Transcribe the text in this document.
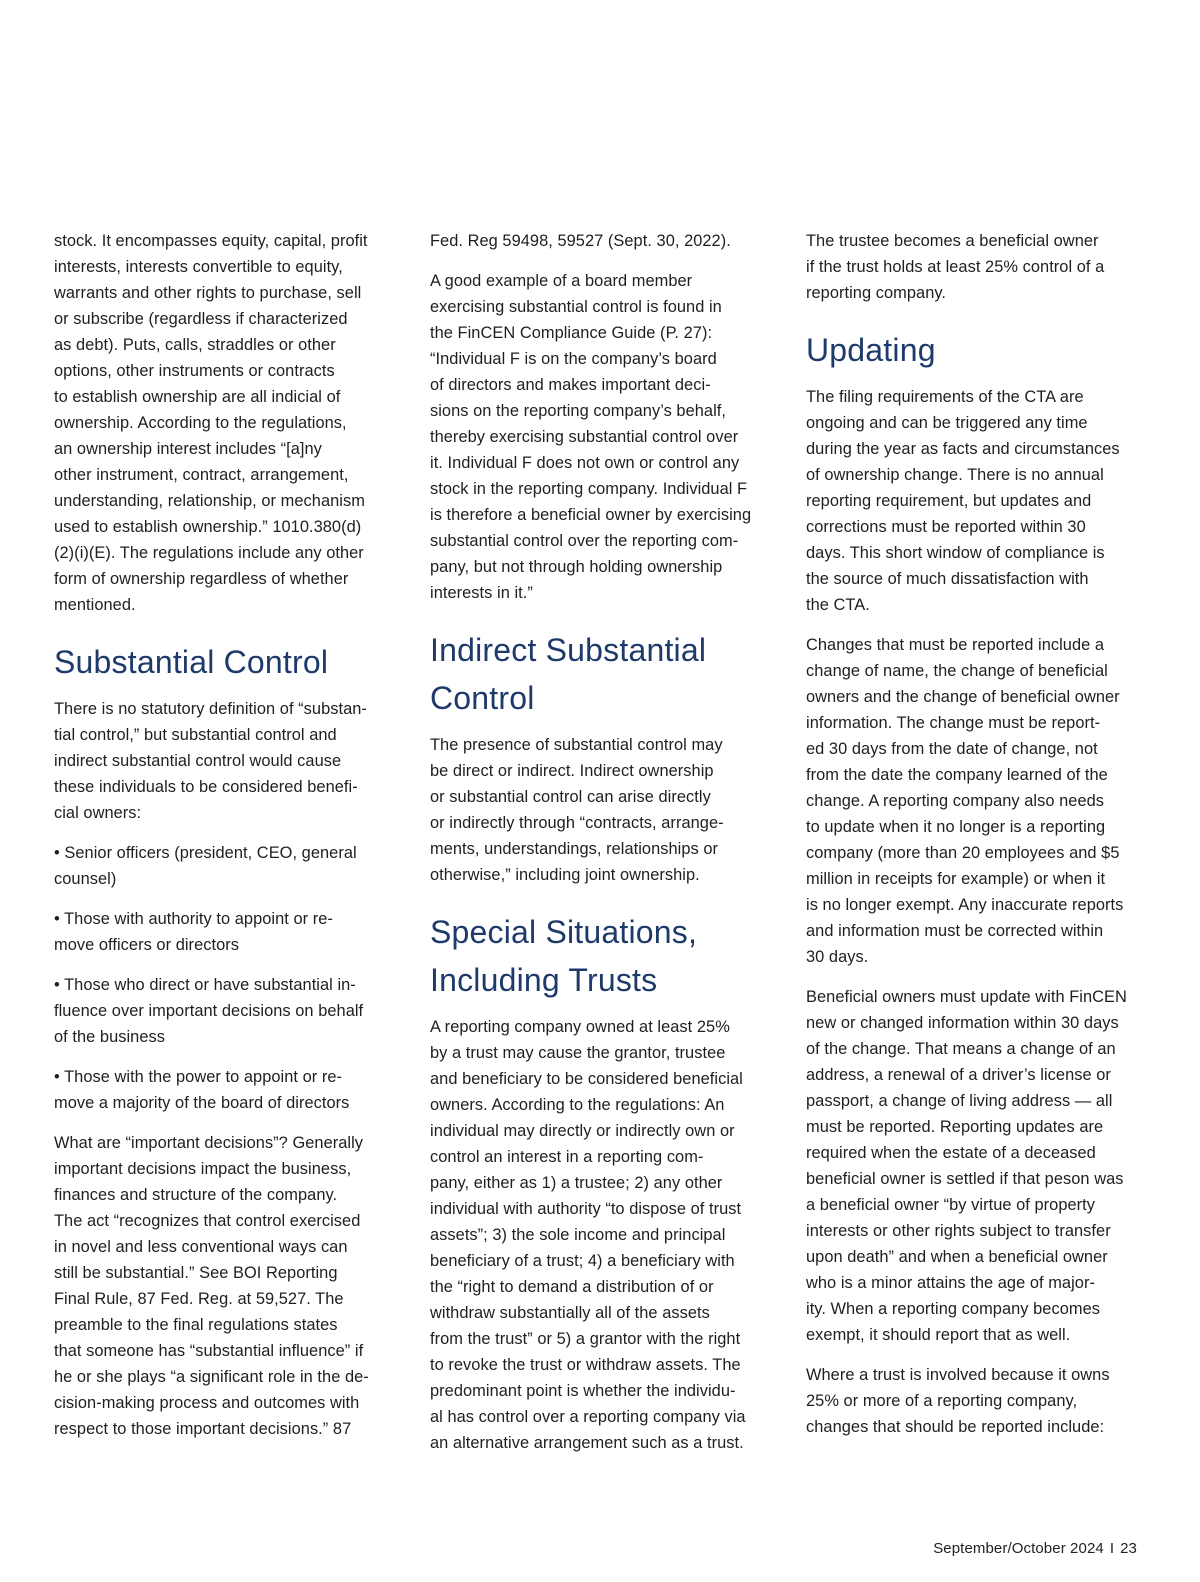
stock. It encompasses equity, capital, profit
interests, interests convertible to equity,
warrants and other rights to purchase, sell
or subscribe (regardless if characterized
as debt). Puts, calls, straddles or other
options, other instruments or contracts
to establish ownership are all indicial of
ownership. According to the regulations,
an ownership interest includes “[a]ny
other instrument, contract, arrangement,
understanding, relationship, or mechanism
used to establish ownership.” 1010.380(d)
(2)(i)(E). The regulations include any other
form of ownership regardless of whether
mentioned.

Substantial Control

There is no statutory definition of “substan-
tial control,” but substantial control and
indirect substantial control would cause
these individuals to be considered benefi-
cial owners:

• Senior officers (president, CEO, general
counsel)

• Those with authority to appoint or re-
move officers or directors

• Those who direct or have substantial in-
fluence over important decisions on behalf
of the business

• Those with the power to appoint or re-
move a majority of the board of directors

What are “important decisions”? Generally
important decisions impact the business,
finances and structure of the company.
The act “recognizes that control exercised
in novel and less conventional ways can
still be substantial.” See BOI Reporting
Final Rule, 87 Fed. Reg. at 59,527. The
preamble to the final regulations states
that someone has “substantial influence” if
he or she plays “a significant role in the de-
cision-making process and outcomes with
respect to those important decisions.” 87

Fed. Reg 59498, 59527 (Sept. 30, 2022).

A good example of a board member
exercising substantial control is found in
the FinCEN Compliance Guide (P. 27):
“Individual F is on the company’s board
of directors and makes important deci-
sions on the reporting company’s behalf,
thereby exercising substantial control over
it. Individual F does not own or control any
stock in the reporting company. Individual F
is therefore a beneficial owner by exercising
substantial control over the reporting com-
pany, but not through holding ownership
interests in it.”

Indirect Substantial
Control

The presence of substantial control may
be direct or indirect. Indirect ownership
or substantial control can arise directly
or indirectly through “contracts, arrange-
ments, understandings, relationships or
otherwise,” including joint ownership.

Special Situations,
Including Trusts

A reporting company owned at least 25%
by a trust may cause the grantor, trustee
and beneficiary to be considered beneficial
owners. According to the regulations: An
individual may directly or indirectly own or
control an interest in a reporting com-
pany, either as 1) a trustee; 2) any other
individual with authority “to dispose of trust
assets”; 3) the sole income and principal
beneficiary of a trust; 4) a beneficiary with
the “right to demand a distribution of or
withdraw substantially all of the assets
from the trust” or 5) a grantor with the right
to revoke the trust or withdraw assets. The
predominant point is whether the individu-
al has control over a reporting company via
an alternative arrangement such as a trust.

The trustee becomes a beneficial owner
if the trust holds at least 25% control of a
reporting company.

Updating

The filing requirements of the CTA are
ongoing and can be triggered any time
during the year as facts and circumstances
of ownership change. There is no annual
reporting requirement, but updates and
corrections must be reported within 30
days. This short window of compliance is
the source of much dissatisfaction with
the CTA.

Changes that must be reported include a
change of name, the change of beneficial
owners and the change of beneficial owner
information. The change must be report-
ed 30 days from the date of change, not
from the date the company learned of the
change. A reporting company also needs
to update when it no longer is a reporting
company (more than 20 employees and $5
million in receipts for example) or when it
is no longer exempt. Any inaccurate reports
and information must be corrected within
30 days.

Beneficial owners must update with FinCEN
new or changed information within 30 days
of the change. That means a change of an
address, a renewal of a driver’s license or
passport, a change of living address — all
must be reported. Reporting updates are
required when the estate of a deceased
beneficial owner is settled if that peson was
a beneficial owner “by virtue of property
interests or other rights subject to transfer
upon death” and when a beneficial owner
who is a minor attains the age of major-
ity. When a reporting company becomes
exempt, it should report that as well.

Where a trust is involved because it owns
25% or more of a reporting company,
changes that should be reported include:

September/October 2024 I 23
